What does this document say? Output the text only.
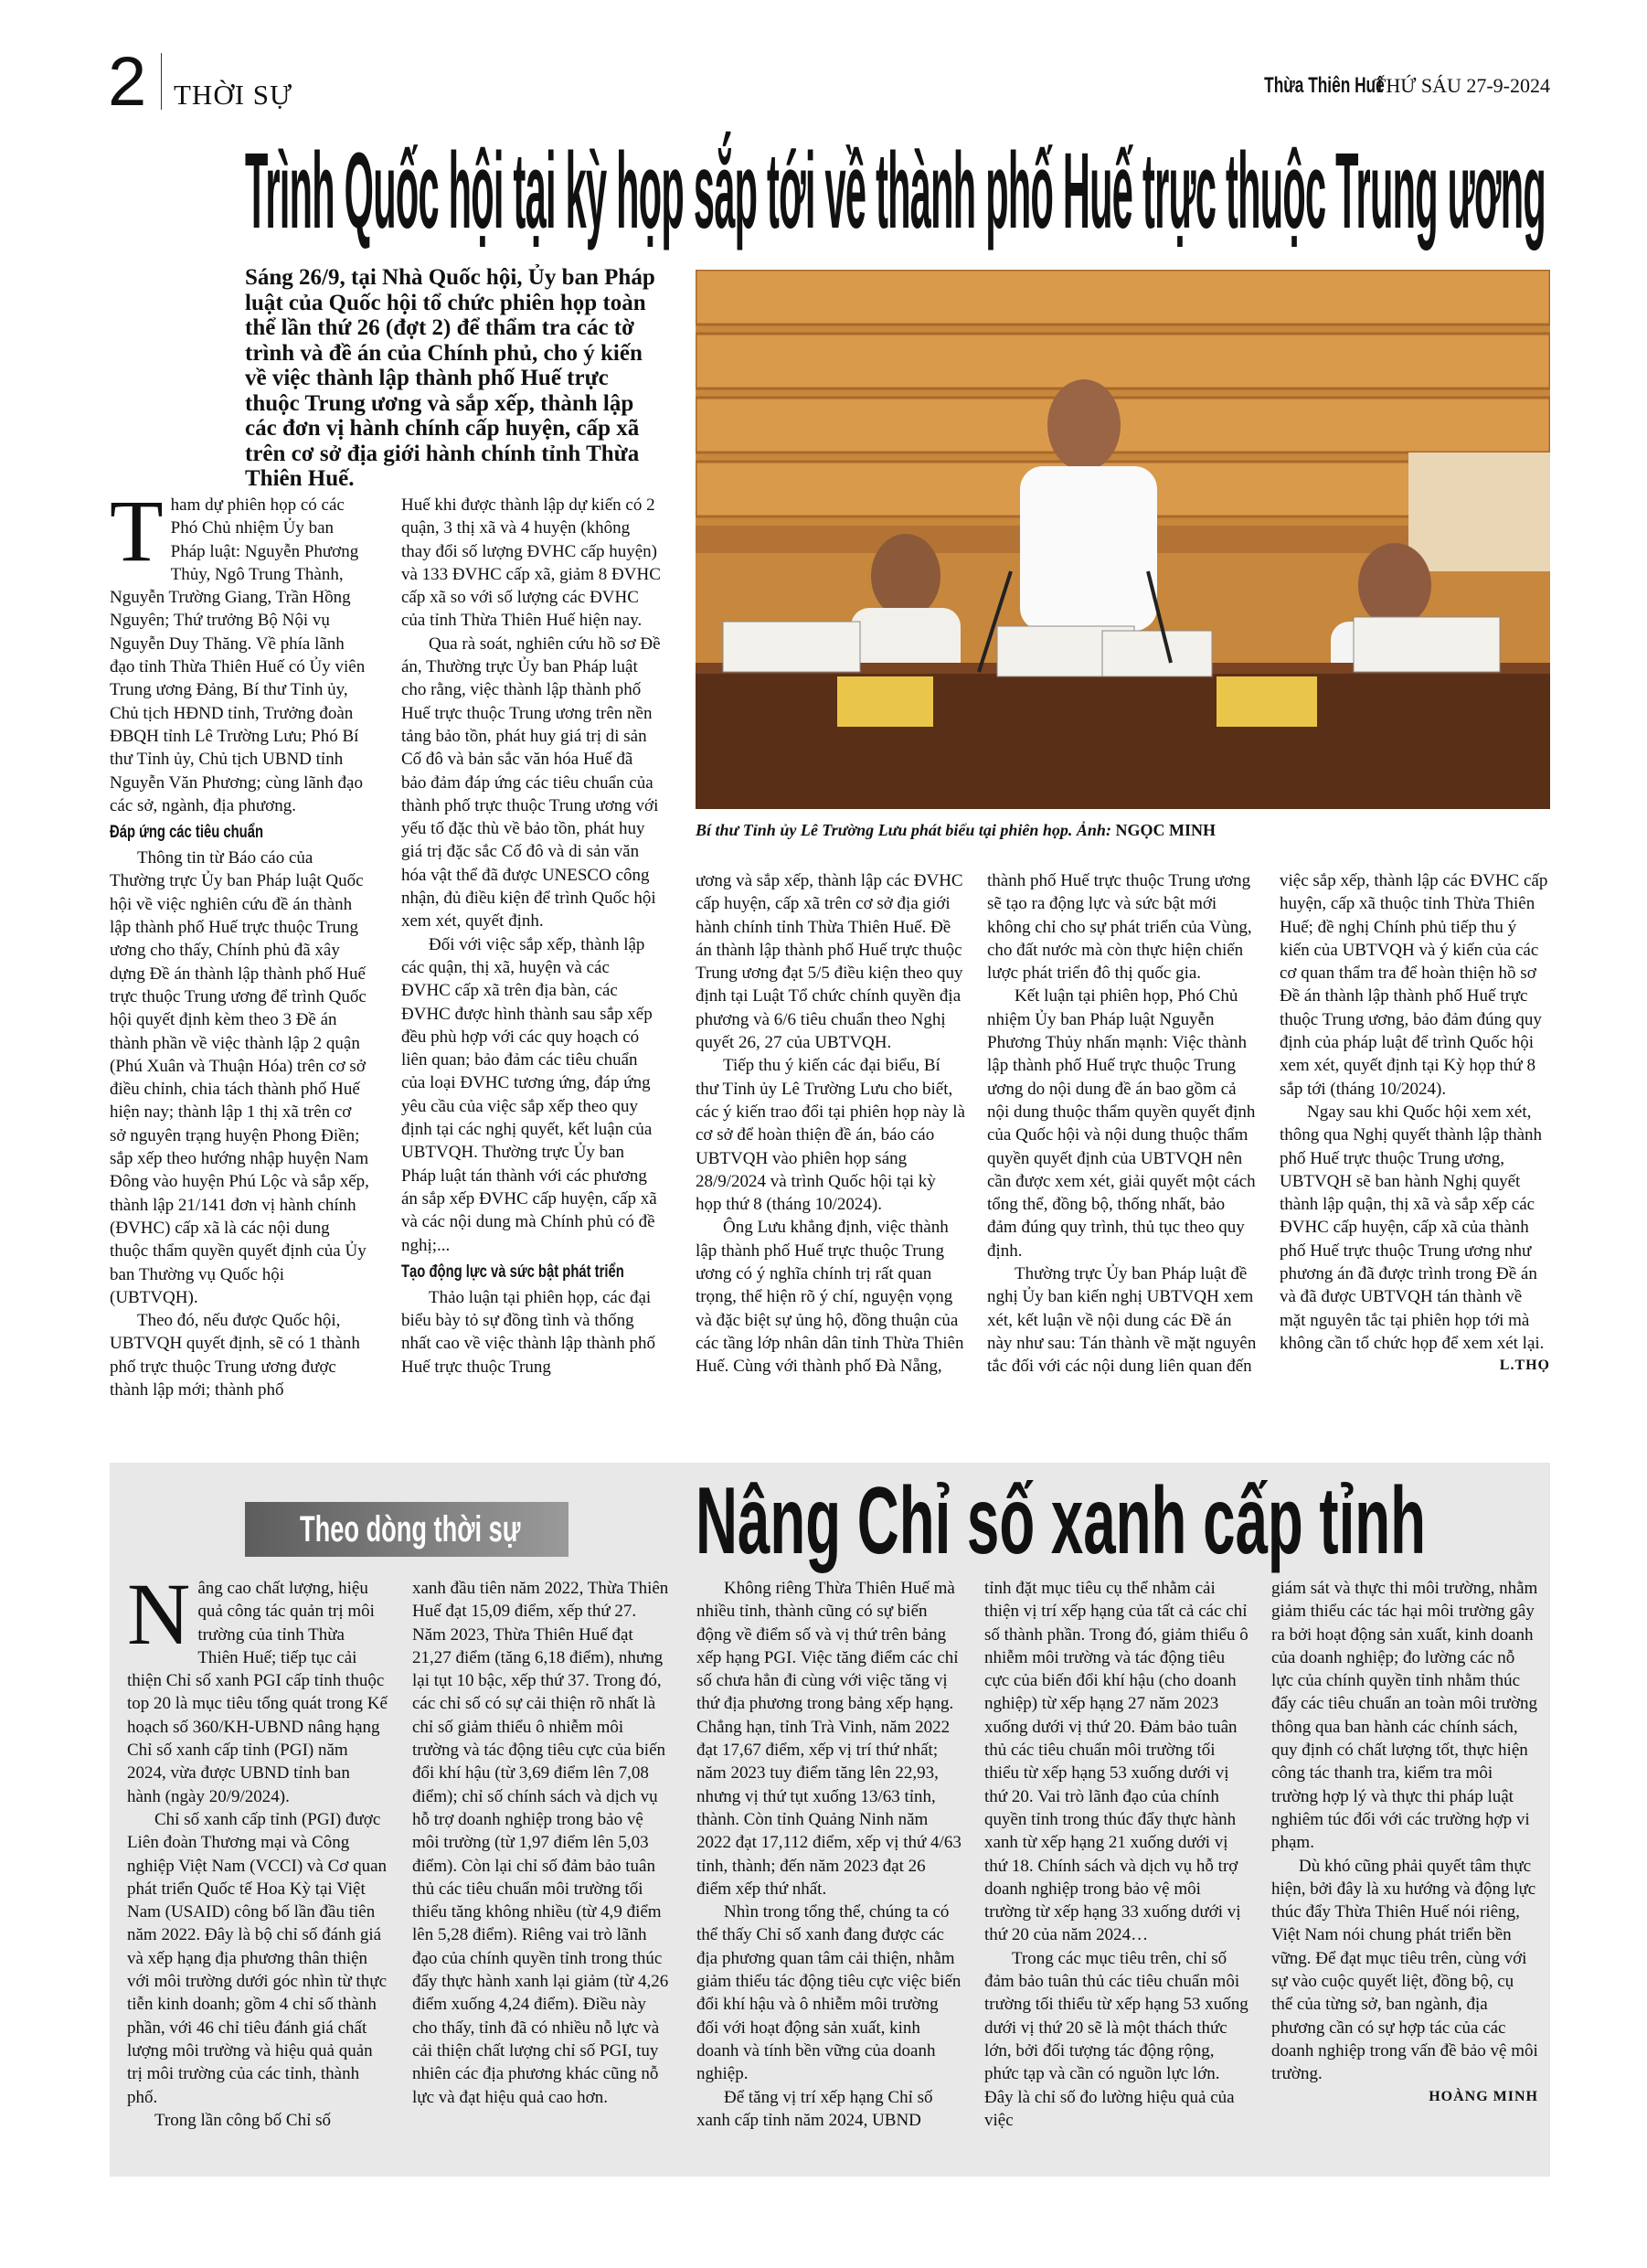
2 THỜI SỰ	Thừa Thiên Huế THỨ SÁU 27-9-2024
Trình Quốc hội tại kỳ họp sắp tới về thành phố Huế trực thuộc Trung ương
Sáng 26/9, tại Nhà Quốc hội, Ủy ban Pháp luật của Quốc hội tổ chức phiên họp toàn thể lần thứ 26 (đợt 2) để thẩm tra các tờ trình và đề án của Chính phủ, cho ý kiến về việc thành lập thành phố Huế trực thuộc Trung ương và sắp xếp, thành lập các đơn vị hành chính cấp huyện, cấp xã trên cơ sở địa giới hành chính tỉnh Thừa Thiên Huế.
Bí thư Tỉnh ủy Lê Trường Lưu phát biểu tại phiên họp. Ảnh: NGỌC MINH

Tham dự phiên họp có các Phó Chủ nhiệm Ủy ban Pháp luật: Nguyễn Phương Thủy, Ngô Trung Thành, Nguyễn Trường Giang, Trần Hồng Nguyên; Thứ trưởng Bộ Nội vụ Nguyễn Duy Thăng. Về phía lãnh đạo tỉnh Thừa Thiên Huế có Ủy viên Trung ương Đảng, Bí thư Tỉnh ủy, Chủ tịch HĐND tỉnh, Trưởng đoàn ĐBQH tỉnh Lê Trường Lưu; Phó Bí thư Tỉnh ủy, Chủ tịch UBND tỉnh Nguyễn Văn Phương; cùng lãnh đạo các sở, ngành, địa phương.

Đáp ứng các tiêu chuẩn

Thông tin từ Báo cáo của Thường trực Ủy ban Pháp luật Quốc hội về việc nghiên cứu đề án thành lập thành phố Huế trực thuộc Trung ương cho thấy, Chính phủ đã xây dựng Đề án thành lập thành phố Huế trực thuộc Trung ương để trình Quốc hội quyết định kèm theo 3 Đề án thành phần về việc thành lập 2 quận (Phú Xuân và Thuận Hóa) trên cơ sở điều chỉnh, chia tách thành phố Huế hiện nay; thành lập 1 thị xã trên cơ sở nguyên trạng huyện Phong Điền; sắp xếp theo hướng nhập huyện Nam Đông vào huyện Phú Lộc và sắp xếp, thành lập 21/141 đơn vị hành chính (ĐVHC) cấp xã là các nội dung thuộc thẩm quyền quyết định của Ủy ban Thường vụ Quốc hội (UBTVQH).

Theo đó, nếu được Quốc hội, UBTVQH quyết định, sẽ có 1 thành phố trực thuộc Trung ương được thành lập mới; thành phố

Huế khi được thành lập dự kiến có 2 quận, 3 thị xã và 4 huyện (không thay đổi số lượng ĐVHC cấp huyện) và 133 ĐVHC cấp xã, giảm 8 ĐVHC cấp xã so với số lượng các ĐVHC của tỉnh Thừa Thiên Huế hiện nay.

Qua rà soát, nghiên cứu hồ sơ Đề án, Thường trực Ủy ban Pháp luật cho rằng, việc thành lập thành phố Huế trực thuộc Trung ương trên nền tảng bảo tồn, phát huy giá trị di sản Cố đô và bản sắc văn hóa Huế đã bảo đảm đáp ứng các tiêu chuẩn của thành phố trực thuộc Trung ương với yếu tố đặc thù về bảo tồn, phát huy giá trị đặc sắc Cố đô và di sản văn hóa vật thể đã được UNESCO công nhận, đủ điều kiện để trình Quốc hội xem xét, quyết định.

Đối với việc sắp xếp, thành lập các quận, thị xã, huyện và các ĐVHC cấp xã trên địa bàn, các ĐVHC được hình thành sau sắp xếp đều phù hợp với các quy hoạch có liên quan; bảo đảm các tiêu chuẩn của loại ĐVHC tương ứng, đáp ứng yêu cầu của việc sắp xếp theo quy định tại các nghị quyết, kết luận của UBTVQH. Thường trực Ủy ban Pháp luật tán thành với các phương án sắp xếp ĐVHC cấp huyện, cấp xã và các nội dung mà Chính phủ có đề nghị;...

Tạo động lực và sức bật phát triển

Thảo luận tại phiên họp, các đại biểu bày tỏ sự đồng tình và thống nhất cao về việc thành lập thành phố Huế trực thuộc Trung

ương và sắp xếp, thành lập các ĐVHC cấp huyện, cấp xã trên cơ sở địa giới hành chính tỉnh Thừa Thiên Huế. Đề án thành lập thành phố Huế trực thuộc Trung ương đạt 5/5 điều kiện theo quy định tại Luật Tổ chức chính quyền địa phương và 6/6 tiêu chuẩn theo Nghị quyết 26, 27 của UBTVQH.

Tiếp thu ý kiến các đại biểu, Bí thư Tỉnh ủy Lê Trường Lưu cho biết, các ý kiến trao đổi tại phiên họp này là cơ sở để hoàn thiện đề án, báo cáo UBTVQH vào phiên họp sáng 28/9/2024 và trình Quốc hội tại kỳ họp thứ 8 (tháng 10/2024).

Ông Lưu khẳng định, việc thành lập thành phố Huế trực thuộc Trung ương có ý nghĩa chính trị rất quan trọng, thể hiện rõ ý chí, nguyện vọng và đặc biệt sự ủng hộ, đồng thuận của các tầng lớp nhân dân tỉnh Thừa Thiên Huế. Cùng với thành phố Đà Nẵng,

thành phố Huế trực thuộc Trung ương sẽ tạo ra động lực và sức bật mới không chỉ cho sự phát triển của Vùng, cho đất nước mà còn thực hiện chiến lược phát triển đô thị quốc gia.

Kết luận tại phiên họp, Phó Chủ nhiệm Ủy ban Pháp luật Nguyễn Phương Thủy nhấn mạnh: Việc thành lập thành phố Huế trực thuộc Trung ương do nội dung đề án bao gồm cả nội dung thuộc thẩm quyền quyết định của Quốc hội và nội dung thuộc thẩm quyền quyết định của UBTVQH nên cần được xem xét, giải quyết một cách tổng thể, đồng bộ, thống nhất, bảo đảm đúng quy trình, thủ tục theo quy định.

Thường trực Ủy ban Pháp luật đề nghị Ủy ban kiến nghị UBTVQH xem xét, kết luận về nội dung các Đề án này như sau: Tán thành về mặt nguyên tắc đối với các nội dung liên quan đến

việc sắp xếp, thành lập các ĐVHC cấp huyện, cấp xã thuộc tỉnh Thừa Thiên Huế; đề nghị Chính phủ tiếp thu ý kiến của UBTVQH và ý kiến của các cơ quan thẩm tra để hoàn thiện hồ sơ Đề án thành lập thành phố Huế trực thuộc Trung ương, bảo đảm đúng quy định của pháp luật để trình Quốc hội xem xét, quyết định tại Kỳ họp thứ 8 sắp tới (tháng 10/2024).

Ngay sau khi Quốc hội xem xét, thông qua Nghị quyết thành lập thành phố Huế trực thuộc Trung ương, UBTVQH sẽ ban hành Nghị quyết thành lập quận, thị xã và sắp xếp các ĐVHC cấp huyện, cấp xã của thành phố Huế trực thuộc Trung ương như phương án đã được trình trong Đề án và đã được UBTVQH tán thành về mặt nguyên tắc tại phiên họp tới mà không cần tổ chức họp để xem xét lại.

L.THỌ
Theo dòng thời sự Nâng Chỉ số xanh cấp tỉnh

Nâng cao chất lượng, hiệu quả công tác quản trị môi trường của tỉnh Thừa Thiên Huế; tiếp tục cải thiện Chỉ số xanh PGI cấp tỉnh thuộc top 20 là mục tiêu tổng quát trong Kế hoạch số 360/KH-UBND nâng hạng Chỉ số xanh cấp tỉnh (PGI) năm 2024, vừa được UBND tỉnh ban hành (ngày 20/9/2024).

Chỉ số xanh cấp tỉnh (PGI) được Liên đoàn Thương mại và Công nghiệp Việt Nam (VCCI) và Cơ quan phát triển Quốc tế Hoa Kỳ tại Việt Nam (USAID) công bố lần đầu tiên năm 2022. Đây là bộ chỉ số đánh giá và xếp hạng địa phương thân thiện với môi trường dưới góc nhìn từ thực tiễn kinh doanh; gồm 4 chỉ số thành phần, với 46 chỉ tiêu đánh giá chất lượng môi trường và hiệu quả quản trị môi trường của các tỉnh, thành phố.

Trong lần công bố Chỉ số

xanh đầu tiên năm 2022, Thừa Thiên Huế đạt 15,09 điểm, xếp thứ 27. Năm 2023, Thừa Thiên Huế đạt 21,27 điểm (tăng 6,18 điểm), nhưng lại tụt 10 bậc, xếp thứ 37. Trong đó, các chỉ số có sự cải thiện rõ nhất là chỉ số giảm thiểu ô nhiễm môi trường và tác động tiêu cực của biến đổi khí hậu (từ 3,69 điểm lên 7,08 điểm); chỉ số chính sách và dịch vụ hỗ trợ doanh nghiệp trong bảo vệ môi trường (từ 1,97 điểm lên 5,03 điểm). Còn lại chỉ số đảm bảo tuân thủ các tiêu chuẩn môi trường tối thiểu tăng không nhiều (từ 4,9 điểm lên 5,28 điểm). Riêng vai trò lãnh đạo của chính quyền tỉnh trong thúc đẩy thực hành xanh lại giảm (từ 4,26 điểm xuống 4,24 điểm). Điều này cho thấy, tỉnh đã có nhiều nỗ lực và cải thiện chất lượng chỉ số PGI, tuy nhiên các địa phương khác cũng nỗ lực và đạt hiệu quả cao hơn.

Không riêng Thừa Thiên Huế mà nhiều tỉnh, thành cũng có sự biến động về điểm số và vị thứ trên bảng xếp hạng PGI. Việc tăng điểm các chỉ số chưa hẳn đi cùng với việc tăng vị thứ địa phương trong bảng xếp hạng. Chẳng hạn, tỉnh Trà Vinh, năm 2022 đạt 17,67 điểm, xếp vị trí thứ nhất; năm 2023 tuy điểm tăng lên 22,93, nhưng vị thứ tụt xuống 13/63 tỉnh, thành. Còn tỉnh Quảng Ninh năm 2022 đạt 17,112 điểm, xếp vị thứ 4/63 tỉnh, thành; đến năm 2023 đạt 26 điểm xếp thứ nhất.

Nhìn trong tổng thể, chúng ta có thể thấy Chỉ số xanh đang được các địa phương quan tâm cải thiện, nhằm giảm thiểu tác động tiêu cực việc biến đổi khí hậu và ô nhiễm môi trường đối với hoạt động sản xuất, kinh doanh và tính bền vững của doanh nghiệp.

Để tăng vị trí xếp hạng Chỉ số xanh cấp tỉnh năm 2024, UBND

tỉnh đặt mục tiêu cụ thể nhằm cải thiện vị trí xếp hạng của tất cả các chỉ số thành phần. Trong đó, giảm thiểu ô nhiễm môi trường và tác động tiêu cực của biến đổi khí hậu (cho doanh nghiệp) từ xếp hạng 27 năm 2023 xuống dưới vị thứ 20. Đảm bảo tuân thủ các tiêu chuẩn môi trường tối thiểu từ xếp hạng 53 xuống dưới vị thứ 20. Vai trò lãnh đạo của chính quyền tỉnh trong thúc đẩy thực hành xanh từ xếp hạng 21 xuống dưới vị thứ 18. Chính sách và dịch vụ hỗ trợ doanh nghiệp trong bảo vệ môi trường từ xếp hạng 33 xuống dưới vị thứ 20 của năm 2024…

Trong các mục tiêu trên, chỉ số đảm bảo tuân thủ các tiêu chuẩn môi trường tối thiểu từ xếp hạng 53 xuống dưới vị thứ 20 sẽ là một thách thức lớn, bởi đối tượng tác động rộng, phức tạp và cần có nguồn lực lớn. Đây là chỉ số đo lường hiệu quả của việc

giám sát và thực thi môi trường, nhằm giảm thiểu các tác hại môi trường gây ra bởi hoạt động sản xuất, kinh doanh của doanh nghiệp; đo lường các nỗ lực của chính quyền tỉnh nhằm thúc đẩy các tiêu chuẩn an toàn môi trường thông qua ban hành các chính sách, quy định có chất lượng tốt, thực hiện công tác thanh tra, kiểm tra môi trường hợp lý và thực thi pháp luật nghiêm túc đối với các trường hợp vi phạm.

Dù khó cũng phải quyết tâm thực hiện, bởi đây là xu hướng và động lực thúc đẩy Thừa Thiên Huế nói riêng, Việt Nam nói chung phát triển bền vững. Để đạt mục tiêu trên, cùng với sự vào cuộc quyết liệt, đồng bộ, cụ thể của từng sở, ban ngành, địa phương cần có sự hợp tác của các doanh nghiệp trong vấn đề bảo vệ môi trường.

HOÀNG MINH
